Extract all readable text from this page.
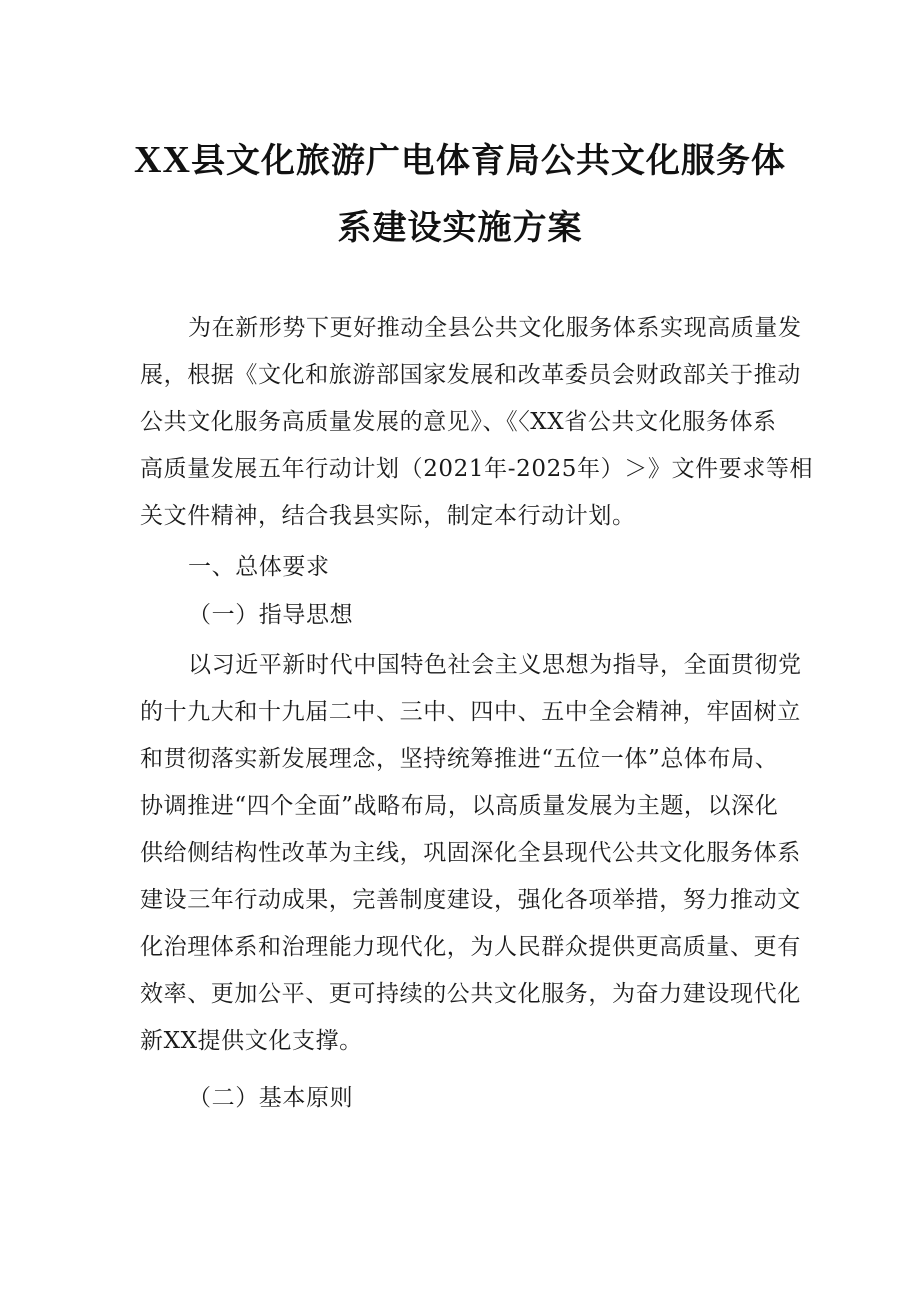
XX县文化旅游广电体育局公共文化服务体
系建设实施方案
为在新形势下更好推动全县公共文化服务体系实现高质量发
展，根据《文化和旅游部国家发展和改革委员会财政部关于推动
公共文化服务高质量发展的意见》、《〈XX省公共文化服务体系
高质量发展五年行动计划（2021年-2025年）＞》文件要求等相
关文件精神，结合我县实际，制定本行动计划。
一、总体要求
（一）指导思想
以习近平新时代中国特色社会主义思想为指导，全面贯彻党
的十九大和十九届二中、三中、四中、五中全会精神，牢固树立
和贯彻落实新发展理念，坚持统筹推进“五位一体”总体布局、
协调推进“四个全面”战略布局，以高质量发展为主题，以深化
供给侧结构性改革为主线，巩固深化全县现代公共文化服务体系
建设三年行动成果，完善制度建设，强化各项举措，努力推动文
化治理体系和治理能力现代化，为人民群众提供更高质量、更有
效率、更加公平、更可持续的公共文化服务，为奋力建设现代化
新XX提供文化支撑。
（二）基本原则
